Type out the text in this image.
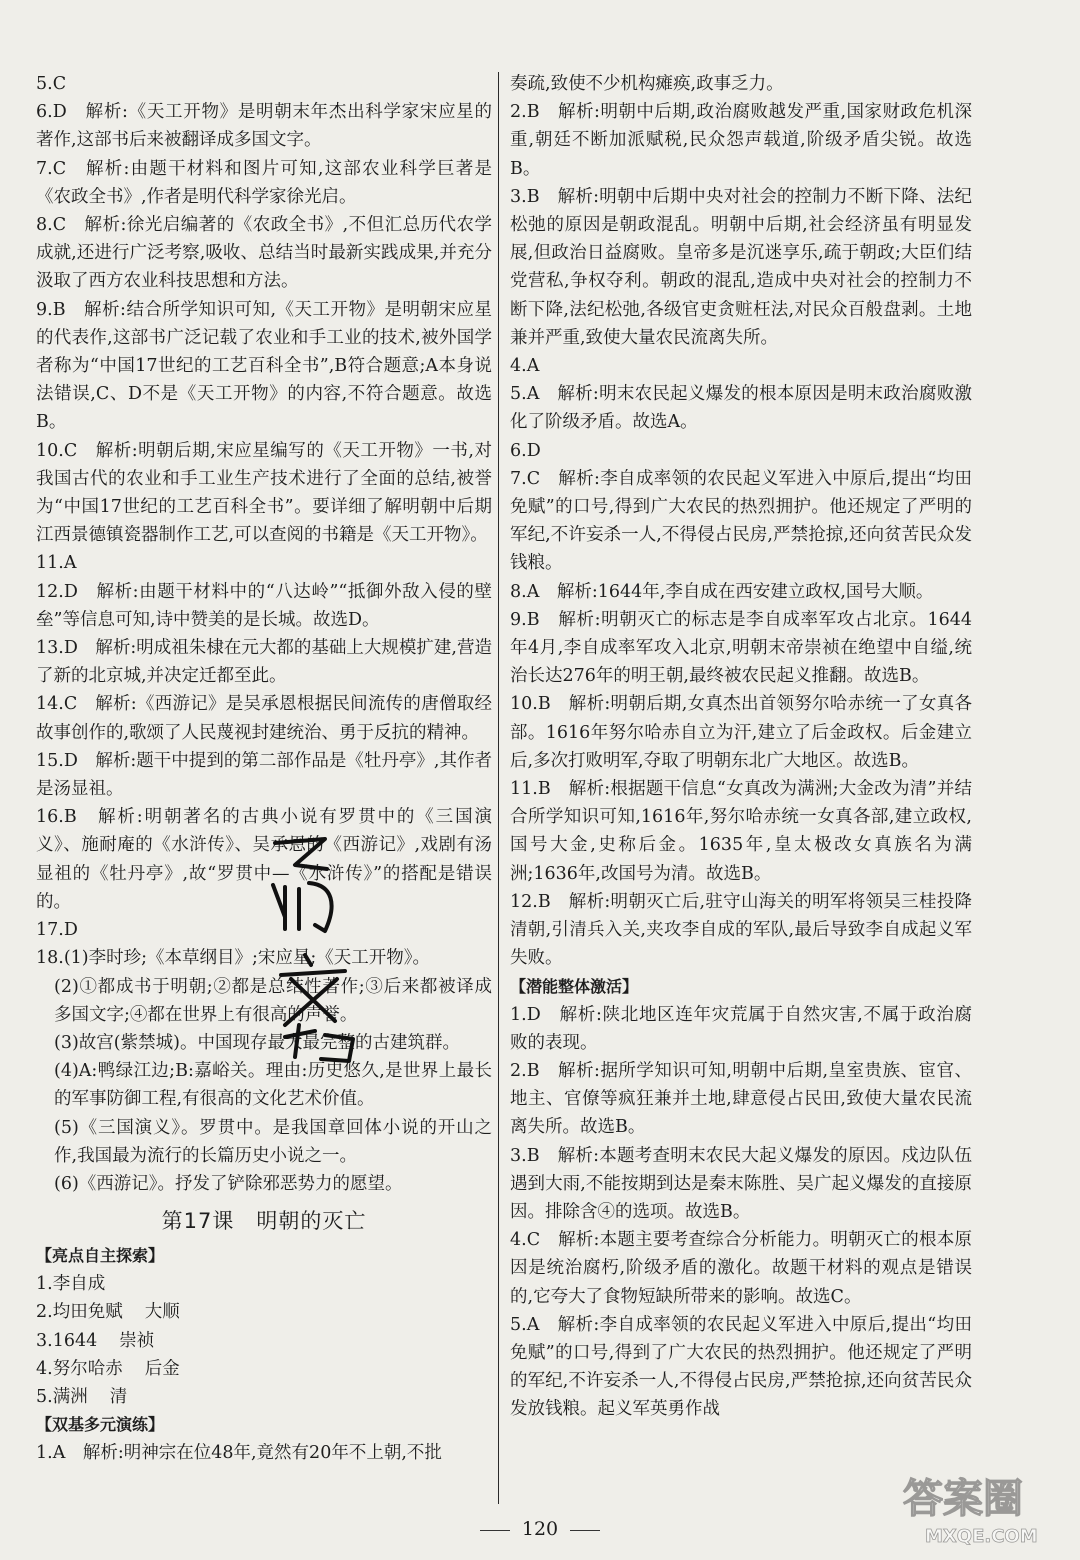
5.C

6.D　解析:《天工开物》是明朝末年杰出科学家宋应星的著作,这部书后来被翻译成多国文字。

7.C　解析:由题干材料和图片可知,这部农业科学巨著是《农政全书》,作者是明代科学家徐光启。

8.C　解析:徐光启编著的《农政全书》,不但汇总历代农学成就,还进行广泛考察,吸收、总结当时最新实践成果,并充分汲取了西方农业科技思想和方法。

9.B　解析:结合所学知识可知,《天工开物》是明朝宋应星的代表作,这部书广泛记载了农业和手工业的技术,被外国学者称为“中国17世纪的工艺百科全书”,B符合题意;A本身说法错误,C、D不是《天工开物》的内容,不符合题意。故选B。

10.C　解析:明朝后期,宋应星编写的《天工开物》一书,对我国古代的农业和手工业生产技术进行了全面的总结,被誉为“中国17世纪的工艺百科全书”。要详细了解明朝中后期江西景德镇瓷器制作工艺,可以查阅的书籍是《天工开物》。

11.A

12.D　解析:由题干材料中的“八达岭”“抵御外敌入侵的壁垒”等信息可知,诗中赞美的是长城。故选D。

13.D　解析:明成祖朱棣在元大都的基础上大规模扩建,营造了新的北京城,并决定迁都至此。

14.C　解析:《西游记》是吴承恩根据民间流传的唐僧取经故事创作的,歌颂了人民蔑视封建统治、勇于反抗的精神。

15.D　解析:题干中提到的第二部作品是《牡丹亭》,其作者是汤显祖。

16.B　解析:明朝著名的古典小说有罗贯中的《三国演义》、施耐庵的《水浒传》、吴承恩的《西游记》,戏剧有汤显祖的《牡丹亭》,故“罗贯中—《水浒传》”的搭配是错误的。

17.D

18.(1)李时珍;《本草纲目》;宋应星;《天工开物》。

(2)①都成书于明朝;②都是总结性著作;③后来都被译成多国文字;④都在世界上有很高的声誉。

(3)故宫(紫禁城)。中国现存最大最完整的古建筑群。

(4)A:鸭绿江边;B:嘉峪关。理由:历史悠久,是世界上最长的军事防御工程,有很高的文化艺术价值。

(5)《三国演义》。罗贯中。是我国章回体小说的开山之作,我国最为流行的长篇历史小说之一。

(6)《西游记》。抒发了铲除邪恶势力的愿望。

第17课 明朝的灭亡
【亮点自主探索】
1.李自成
2.均田免赋 大顺
3.1644 崇祯
4.努尔哈赤 后金
5.满洲 清
【双基多元演练】

1.A　解析:明神宗在位48年,竟然有20年不上朝,不批

奏疏,致使不少机构瘫痪,政事乏力。

2.B　解析:明朝中后期,政治腐败越发严重,国家财政危机深重,朝廷不断加派赋税,民众怨声载道,阶级矛盾尖锐。故选B。

3.B　解析:明朝中后期中央对社会的控制力不断下降、法纪松弛的原因是朝政混乱。明朝中后期,社会经济虽有明显发展,但政治日益腐败。皇帝多是沉迷享乐,疏于朝政;大臣们结党营私,争权夺利。朝政的混乱,造成中央对社会的控制力不断下降,法纪松弛,各级官吏贪赃枉法,对民众百般盘剥。土地兼并严重,致使大量农民流离失所。

4.A

5.A　解析:明末农民起义爆发的根本原因是明末政治腐败激化了阶级矛盾。故选A。

6.D

7.C　解析:李自成率领的农民起义军进入中原后,提出“均田免赋”的口号,得到广大农民的热烈拥护。他还规定了严明的军纪,不许妄杀一人,不得侵占民房,严禁抢掠,还向贫苦民众发钱粮。

8.A　解析:1644年,李自成在西安建立政权,国号大顺。

9.B　解析:明朝灭亡的标志是李自成率军攻占北京。1644年4月,李自成率军攻入北京,明朝末帝崇祯在绝望中自缢,统治长达276年的明王朝,最终被农民起义推翻。故选B。

10.B　解析:明朝后期,女真杰出首领努尔哈赤统一了女真各部。1616年努尔哈赤自立为汗,建立了后金政权。后金建立后,多次打败明军,夺取了明朝东北广大地区。故选B。

11.B　解析:根据题干信息“女真改为满洲;大金改为清”并结合所学知识可知,1616年,努尔哈赤统一女真各部,建立政权,国号大金,史称后金。1635年,皇太极改女真族名为满洲;1636年,改国号为清。故选B。

12.B　解析:明朝灭亡后,驻守山海关的明军将领吴三桂投降清朝,引清兵入关,夹攻李自成的军队,最后导致李自成起义军失败。

【潜能整体激活】

1.D　解析:陕北地区连年灾荒属于自然灾害,不属于政治腐败的表现。

2.B　解析:据所学知识可知,明朝中后期,皇室贵族、宦官、地主、官僚等疯狂兼并土地,肆意侵占民田,致使大量农民流离失所。故选B。

3.B　解析:本题考查明末农民大起义爆发的原因。戍边队伍遇到大雨,不能按期到达是秦末陈胜、吴广起义爆发的直接原因。排除含④的选项。故选B。

4.C　解析:本题主要考查综合分析能力。明朝灭亡的根本原因是统治腐朽,阶级矛盾的激化。故题干材料的观点是错误的,它夸大了食物短缺所带来的影响。故选C。

5.A　解析:李自成率领的农民起义军进入中原后,提出“均田免赋”的口号,得到了广大农民的热烈拥护。他还规定了严明的军纪,不许妄杀一人,不得侵占民房,严禁抢掠,还向贫苦民众发放钱粮。起义军英勇作战

答案圈
MXQE.COM
120
